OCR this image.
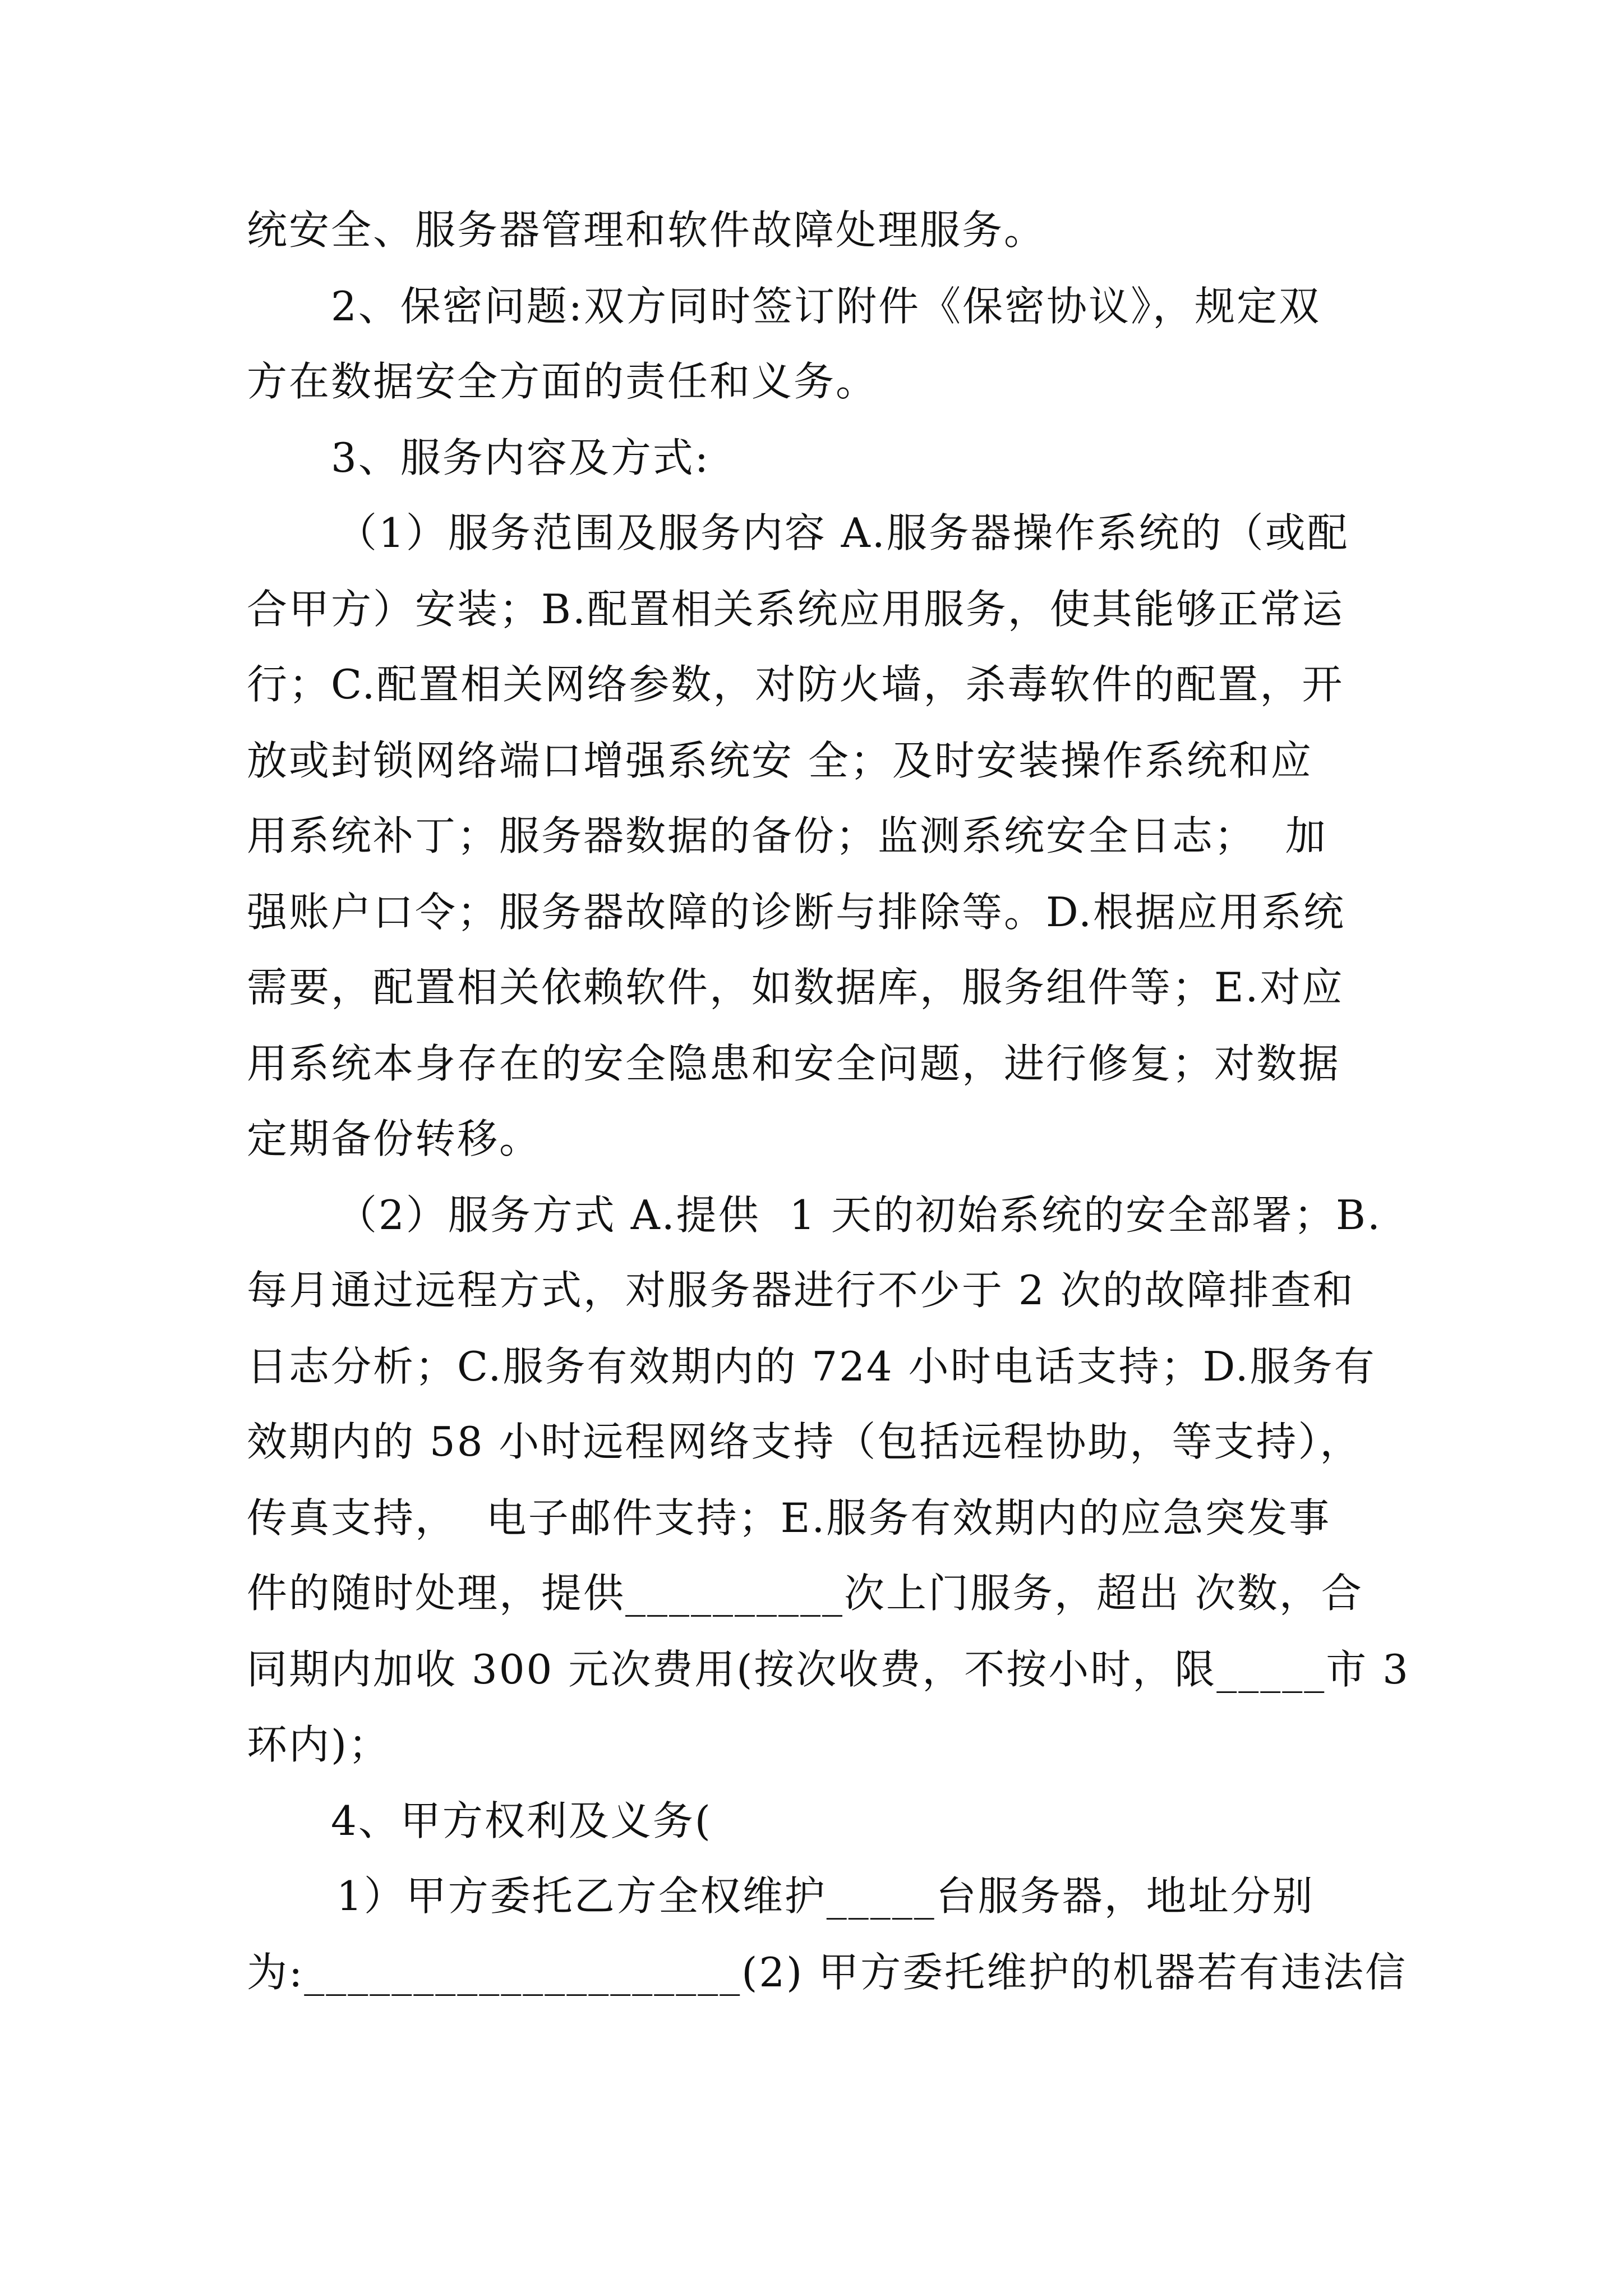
统安全、服务器管理和软件故障处理服务。
2、保密问题:双方同时签订附件《保密协议》，规定双
方在数据安全方面的责任和义务。
3、服务内容及方式:
（1）服务范围及服务内容 A.服务器操作系统的（或配
合甲方）安装；B.配置相关系统应用服务，使其能够正常运
行；C.配置相关网络参数，对防火墙，杀毒软件的配置，开
放或封锁网络端口增强系统安 全；及时安装操作系统和应
用系统补丁；服务器数据的备份；监测系统安全日志；  加
强账户口令；服务器故障的诊断与排除等。D.根据应用系统
需要，配置相关依赖软件，如数据库，服务组件等；E.对应
用系统本身存在的安全隐患和安全问题，进行修复；对数据
定期备份转移。
（2）服务方式 A.提供  1 天的初始系统的安全部署；B.
每月通过远程方式，对服务器进行不少于 2 次的故障排查和
日志分析；C.服务有效期内的 724 小时电话支持；D.服务有
效期内的 58 小时远程网络支持（包括远程协助，等支持），
传真支持，  电子邮件支持；E.服务有效期内的应急突发事
件的随时处理，提供__________次上门服务，超出 次数，合
同期内加收 300 元次费用(按次收费，不按小时，限_____市 3
环内)；
4、甲方权利及义务(
1）甲方委托乙方全权维护_____台服务器，地址分别
为:____________________(2) 甲方委托维护的机器若有违法信
